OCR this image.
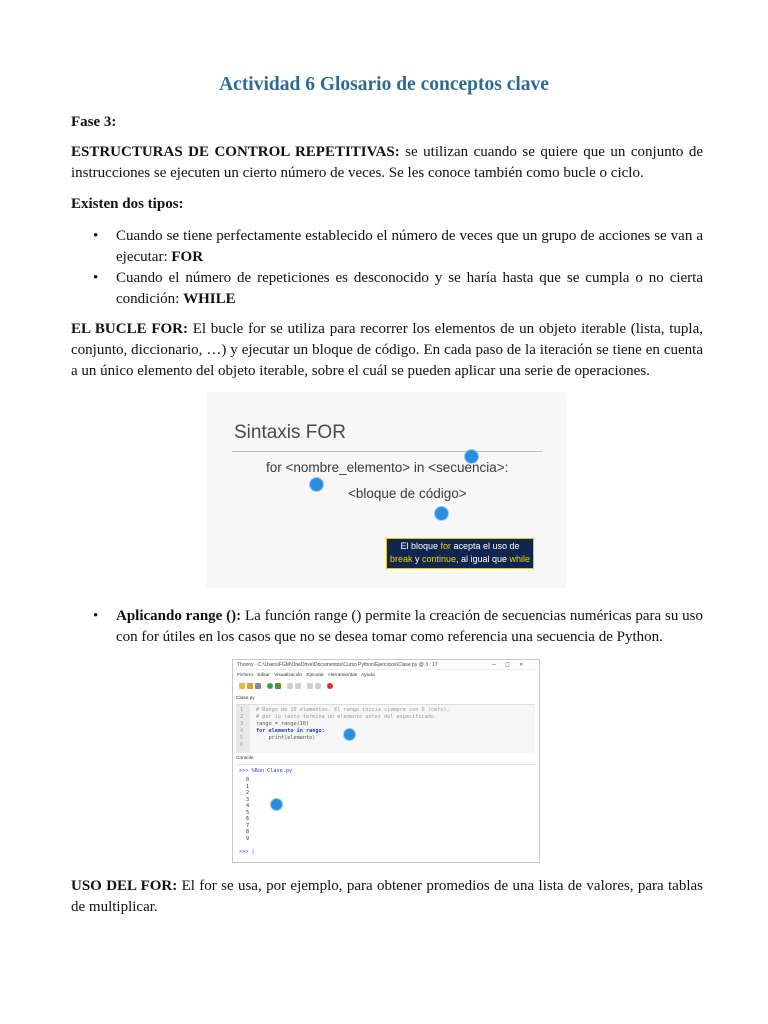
Actividad 6 Glosario de conceptos clave
Fase 3:
ESTRUCTURAS DE CONTROL REPETITIVAS: se utilizan cuando se quiere que un conjunto de instrucciones se ejecuten un cierto número de veces. Se les conoce también como bucle o ciclo.
Existen dos tipos:
• Cuando se tiene perfectamente establecido el número de veces que un grupo de acciones se van a ejecutar: FOR
• Cuando el número de repeticiones es desconocido y se haría hasta que se cumpla o no cierta condición: WHILE
EL BUCLE FOR: El bucle for se utiliza para recorrer los elementos de un objeto iterable (lista, tupla, conjunto, diccionario, …) y ejecutar un bloque de código. En cada paso de la iteración se tiene en cuenta a un único elemento del objeto iterable, sobre el cuál se pueden aplicar una serie de operaciones.
Sintaxis FOR
for <nombre_elemento> in <secuencia>:
<bloque de código>
El bloque for acepta el uso de
break y continue, al igual que while
• Aplicando range (): La función range () permite la creación de secuencias numéricas para su uso con for útiles en los casos que no se desea tomar como referencia una secuencia de Python.
Thonny - C:\Users\FGM\OneDrive\Documentos\Curso Python\Ejercicios\Clase.py @ 3 : 17	–□✕
Fichero Editar Visualización Ejecutar Herramientas Ayuda
Clase.py
1 # Rango de 10 elementos. El rango inicia siempre con 0 (cero),
2 # por lo tanto termina un elemento antes del especificado
3 rango = range(10)
4 for elemento in rango:
5 print(elemento)
6
Console
>>> %Run Clase.py
0
1
2
3
4
5
6
7
8
9
>>> |
USO DEL FOR: El for se usa, por ejemplo, para obtener promedios de una lista de valores, para tablas de multiplicar.
